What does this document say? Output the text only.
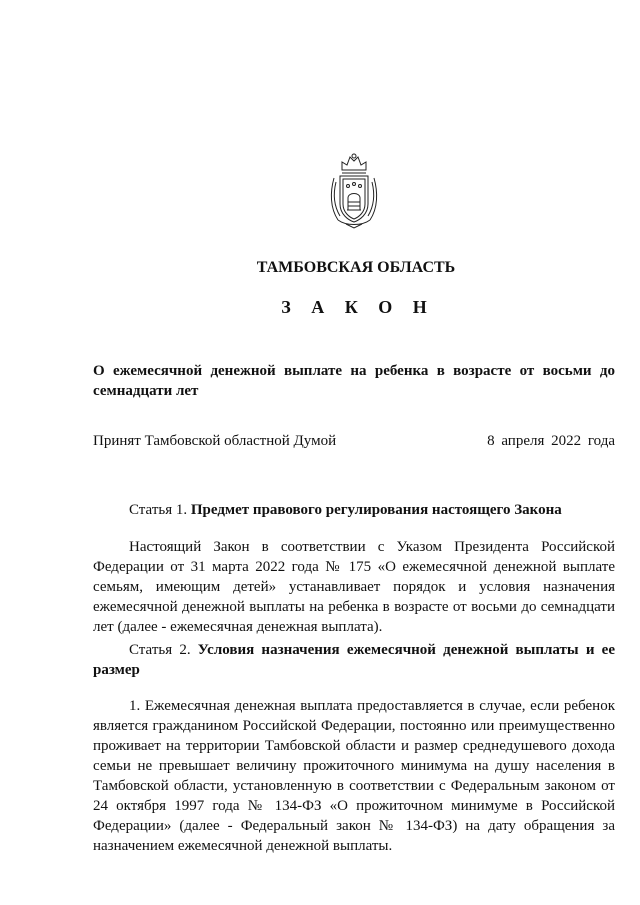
ТАМБОВСКАЯ ОБЛАСТЬ
З А К О Н
О ежемесячной денежной выплате на ребенка в возрасте от восьми до семнадцати лет
Принят Тамбовской областной Думой	8 апреля 2022 года
Статья 1. Предмет правового регулирования настоящего Закона
Настоящий Закон в соответствии с Указом Президента Российской Федерации от 31 марта 2022 года № 175 «О ежемесячной денежной выплате семьям, имеющим детей» устанавливает порядок и условия назначения ежемесячной денежной выплаты на ребенка в возрасте от восьми до семнадцати лет (далее - ежемесячная денежная выплата).
Статья 2. Условия назначения ежемесячной денежной выплаты и ее размер
1. Ежемесячная денежная выплата предоставляется в случае, если ребенок является гражданином Российской Федерации, постоянно или преимущественно проживает на территории Тамбовской области и размер среднедушевого дохода семьи не превышает величину прожиточного минимума на душу населения в Тамбовской области, установленную в соответствии с Федеральным законом от 24 октября 1997 года № 134-ФЗ «О прожиточном минимуме в Российской Федерации» (далее - Федеральный закон № 134-ФЗ) на дату обращения за назначением ежемесячной денежной выплаты.
